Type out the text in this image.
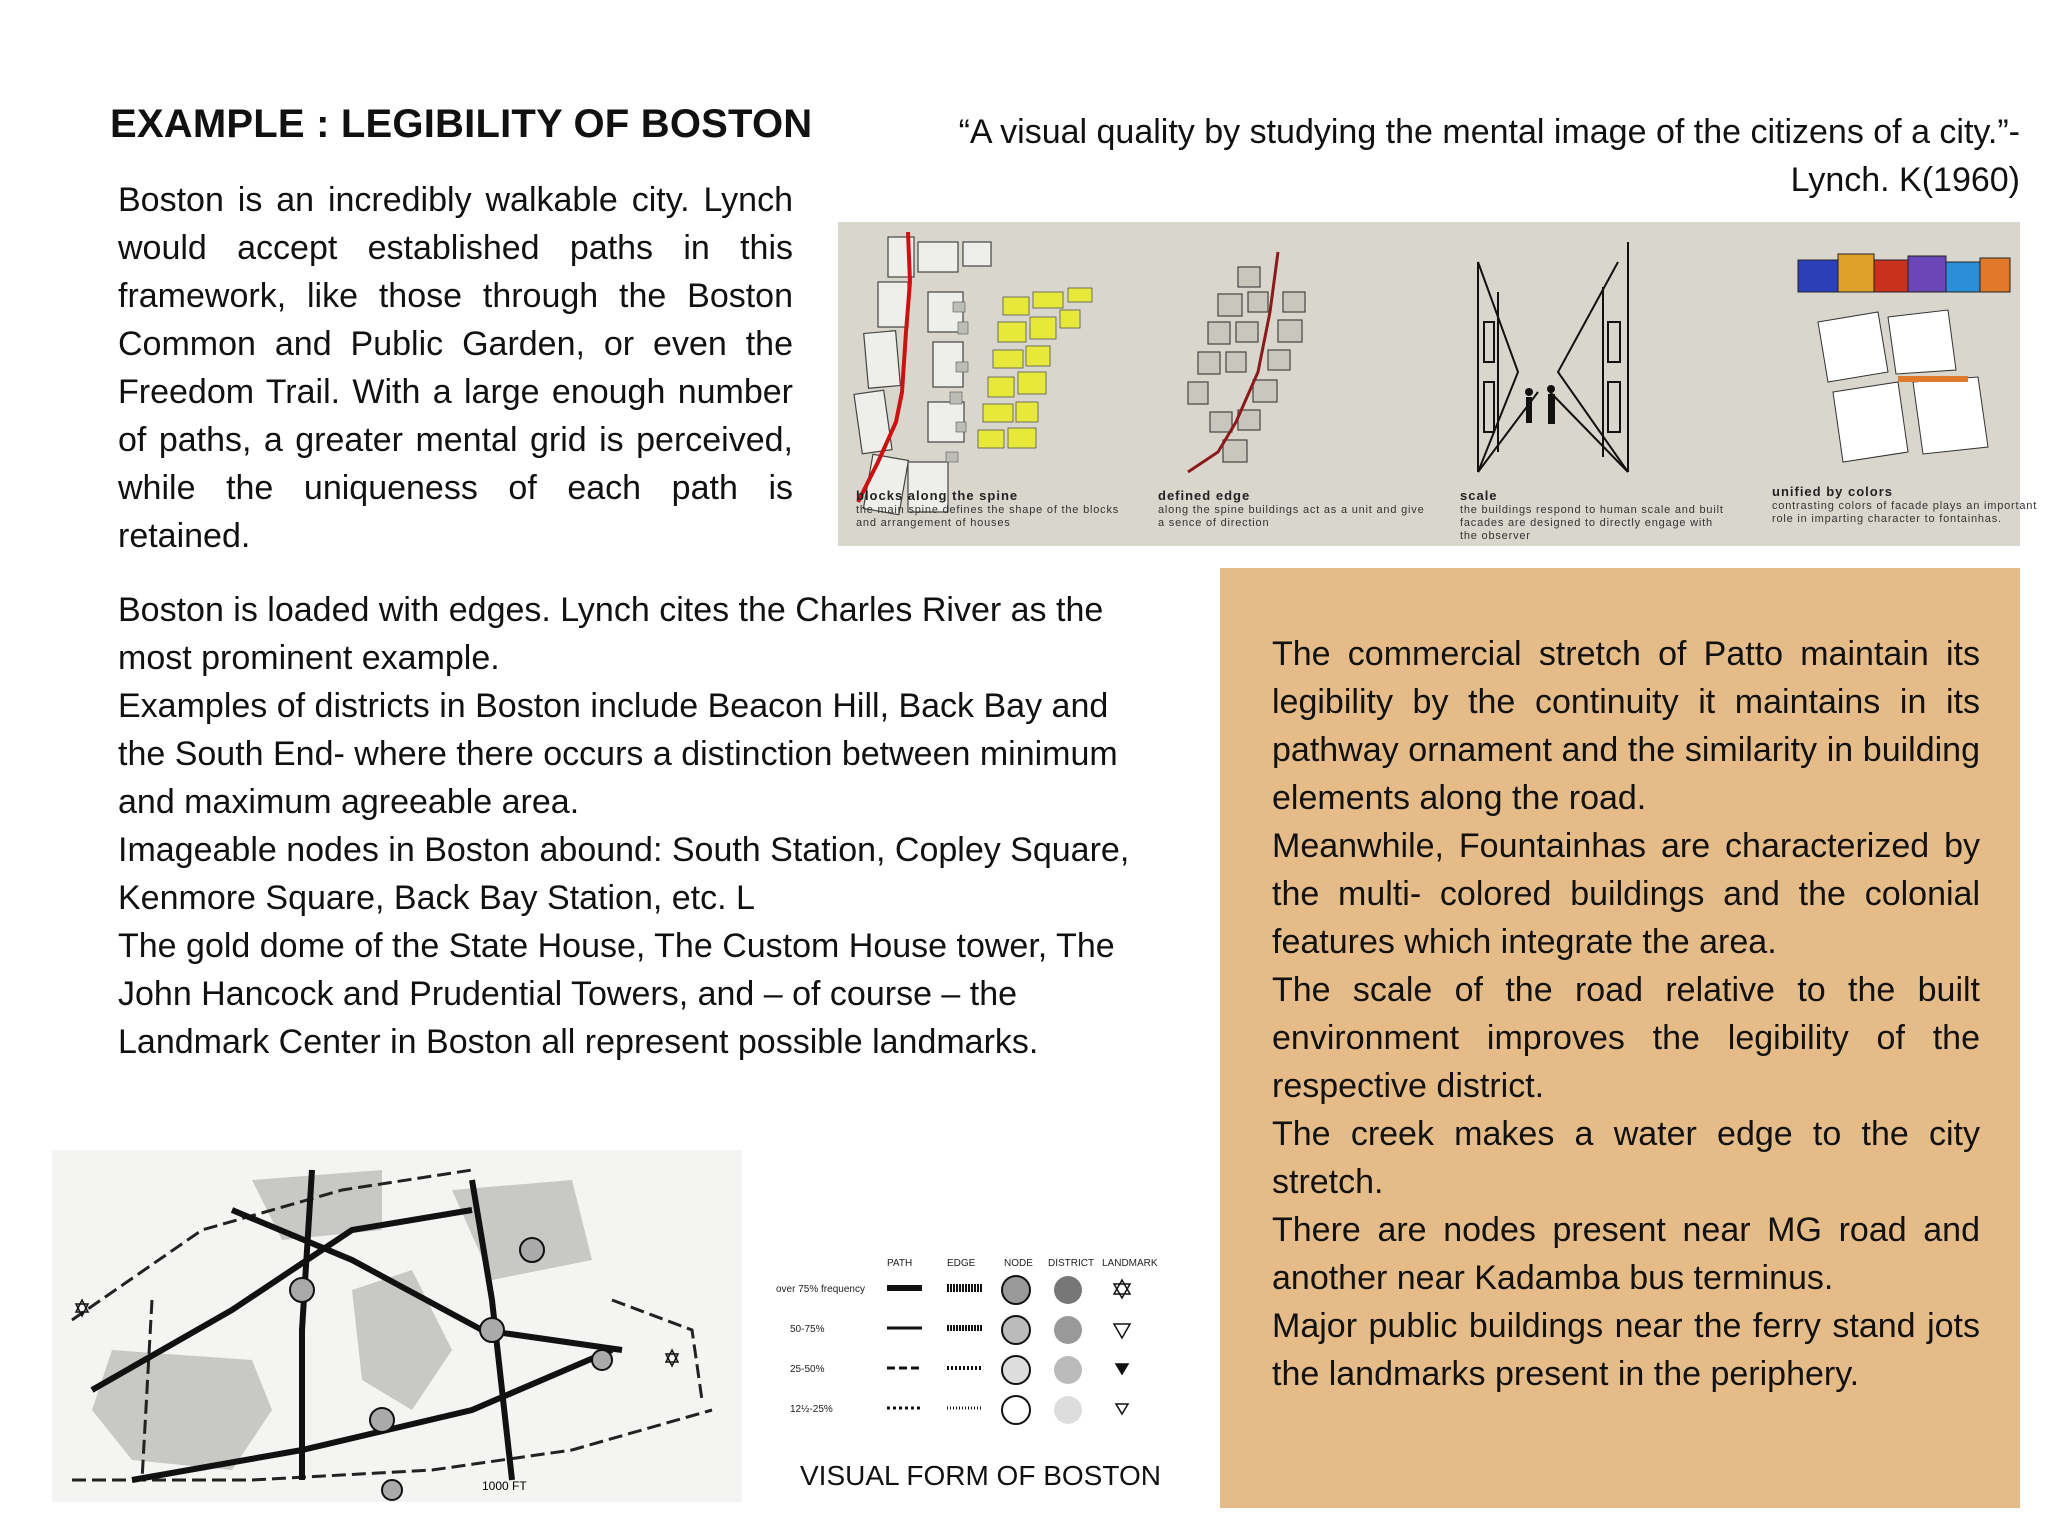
EXAMPLE : LEGIBILITY OF BOSTON	“A visual quality by studying the mental image of the citizens of a city.”- Lynch. K(1960)
Boston is an incredibly walkable city. Lynch would accept established paths in this framework, like those through the Boston Common and Public Garden, or even the Freedom Trail. With a large enough number of paths, a greater mental grid is perceived, while the uniqueness of each path is retained.

Boston is loaded with edges. Lynch cites the Charles River as the most prominent example.

Examples of districts in Boston include Beacon Hill, Back Bay and the South End- where there occurs a distinction between minimum and maximum agreeable area.

Imageable nodes in Boston abound: South Station, Copley Square, Kenmore Square, Back Bay Station, etc. L

The gold dome of the State House, The Custom House tower, The John Hancock and Prudential Towers, and – of course – the Landmark Center in Boston all represent possible landmarks.

blocks along the spine
the main spine defines the shape of the blocks and arrangement of houses
defined edge
along the spine buildings act as a unit and give a sence of direction
scale
the buildings respond to human scale and built facades are designed to directly engage with the observer
unified by colors
contrasting colors of facade plays an important role in imparting character to fontainhas.

The commercial stretch of Patto maintain its legibility by the continuity it maintains in its pathway ornament and the similarity in building elements along the road.

Meanwhile, Fountainhas are characterized by the multi- colored buildings and the colonial features which integrate the area.

The scale of the road relative to the built environment improves the legibility of the respective district.

The creek makes a water edge to the city stretch.

There are nodes present near MG road and another near Kadamba bus terminus.

Major public buildings near the ferry stand jots the landmarks present in the periphery.

1000 FT
PATH	EDGE	NODE DISTRICT LANDMARK
over 75% frequency
50-75%
25-50%
12½-25%
VISUAL FORM OF BOSTON
